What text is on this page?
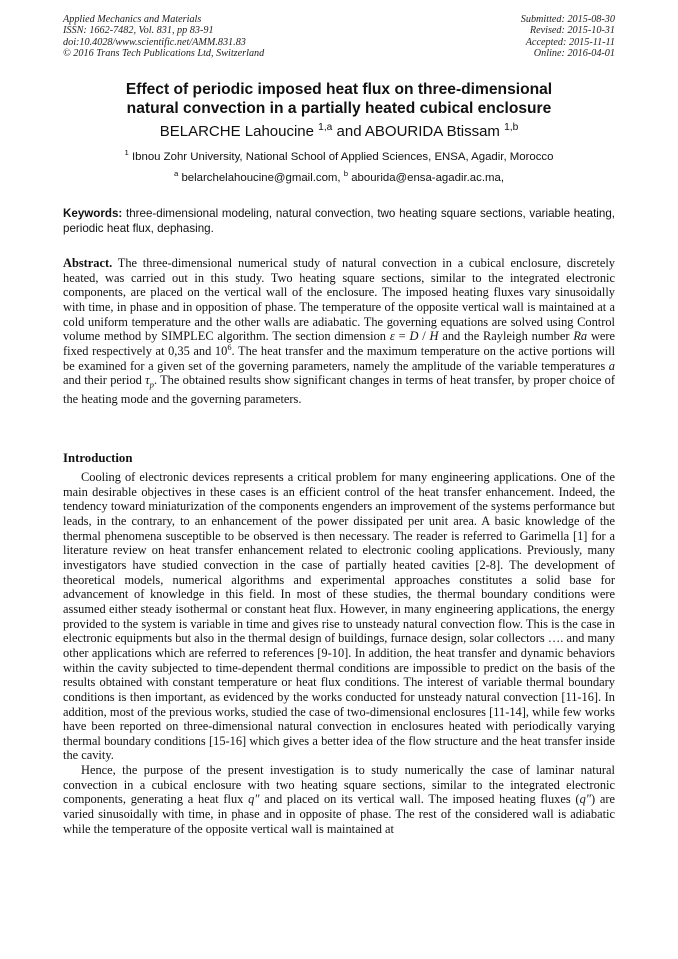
Applied Mechanics and Materials
ISSN: 1662-7482, Vol. 831, pp 83-91
doi:10.4028/www.scientific.net/AMM.831.83
© 2016 Trans Tech Publications Ltd, Switzerland
Submitted: 2015-08-30
Revised: 2015-10-31
Accepted: 2015-11-11
Online: 2016-04-01
Effect of periodic imposed heat flux on three-dimensional
natural convection in a partially heated cubical enclosure
BELARCHE Lahoucine $^{1,a}$ and ABOURIDA Btissam $^{1,b}$
$^1$ Ibnou Zohr University, National School of Applied Sciences, ENSA, Agadir, Morocco
$^a$ belarchelahoucine@gmail.com, $^b$ abourida@ensa-agadir.ac.ma,
Keywords: three-dimensional modeling, natural convection, two heating square sections, variable heating, periodic heat flux, dephasing.
Abstract. The three-dimensional numerical study of natural convection in a cubical enclosure, discretely heated, was carried out in this study. Two heating square sections, similar to the integrated electronic components, are placed on the vertical wall of the enclosure. The imposed heating fluxes vary sinusoidally with time, in phase and in opposition of phase. The temperature of the opposite vertical wall is maintained at a cold uniform temperature and the other walls are adiabatic. The governing equations are solved using Control volume method by SIMPLEC algorithm. The section dimension ε = D / H and the Rayleigh number Ra were fixed respectively at 0,35 and $10^6$. The heat transfer and the maximum temperature on the active portions will be examined for a given set of the governing parameters, namely the amplitude of the variable temperatures a and their period $\tau_p$. The obtained results show significant changes in terms of heat transfer, by proper choice of the heating mode and the governing parameters.
Introduction

Cooling of electronic devices represents a critical problem for many engineering applications. One of the main desirable objectives in these cases is an efficient control of the heat transfer enhancement. Indeed, the tendency toward miniaturization of the components engenders an improvement of the systems performance but leads, in the contrary, to an enhancement of the power dissipated per unit area. A basic knowledge of the thermal phenomena susceptible to be observed is then necessary. The reader is referred to Garimella [1] for a literature review on heat transfer enhancement related to electronic cooling applications. Previously, many investigators have studied convection in the case of partially heated cavities [2-8]. The development of theoretical models, numerical algorithms and experimental approaches constitutes a solid base for advancement of knowledge in this field. In most of these studies, the thermal boundary conditions were assumed either steady isothermal or constant heat flux. However, in many engineering applications, the energy provided to the system is variable in time and gives rise to unsteady natural convection flow. This is the case in electronic equipments but also in the thermal design of buildings, furnace design, solar collectors …. and many other applications which are referred to references [9-10]. In addition, the heat transfer and dynamic behaviors within the cavity subjected to time-dependent thermal conditions are impossible to predict on the basis of the results obtained with constant temperature or heat flux conditions. The interest of variable thermal boundary conditions is then important, as evidenced by the works conducted for unsteady natural convection [11-16]. In addition, most of the previous works, studied the case of two-dimensional enclosures [11-14], while few works have been reported on three-dimensional natural convection in enclosures heated with periodically varying thermal boundary conditions [15-16] which gives a better idea of the flow structure and the heat transfer inside the cavity.

Hence, the purpose of the present investigation is to study numerically the case of laminar natural convection in a cubical enclosure with two heating square sections, similar to the integrated electronic components, generating a heat flux q" and placed on its vertical wall. The imposed heating fluxes (q") are varied sinusoidally with time, in phase and in opposite of phase. The rest of the considered wall is adiabatic while the temperature of the opposite vertical wall is maintained at
